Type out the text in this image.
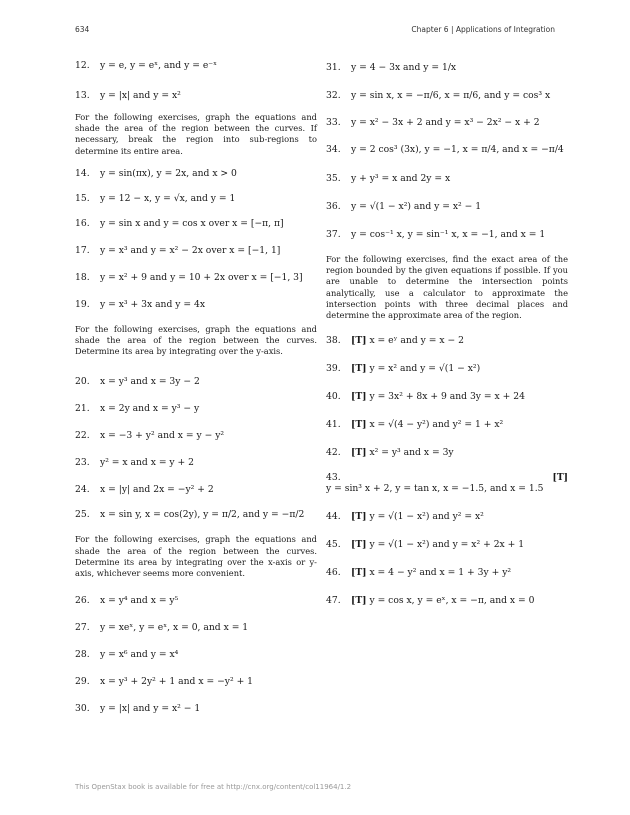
634	Chapter 6 | Applications of Integration
12. y = e, y = eˣ, and y = e⁻ˣ
13. y = |x| and y = x²
For the following exercises, graph the equations and shade the area of the region between the curves. If necessary, break the region into sub-regions to determine its entire area.
14. y = sin(πx), y = 2x, and x > 0
15. y = 12 − x, y = √x, and y = 1
16. y = sin x and y = cos x over x = [−π, π]
17. y = x³ and y = x² − 2x over x = [−1, 1]
18. y = x² + 9 and y = 10 + 2x over x = [−1, 3]
19. y = x³ + 3x and y = 4x
For the following exercises, graph the equations and shade the area of the region between the curves. Determine its area by integrating over the y-axis.
20. x = y³ and x = 3y − 2
21. x = 2y and x = y³ − y
22. x = −3 + y² and x = y − y²
23. y² = x and x = y + 2
24. x = |y| and 2x = −y² + 2
25. x = sin y, x = cos(2y), y = π/2, and y = −π/2
For the following exercises, graph the equations and shade the area of the region between the curves. Determine its area by integrating over the x-axis or y-axis, whichever seems more convenient.
26. x = y⁴ and x = y⁵
27. y = xeˣ, y = eˣ, x = 0, and x = 1
28. y = x⁶ and y = x⁴
29. x = y³ + 2y² + 1 and x = −y² + 1
30. y = |x| and y = x² − 1
31. y = 4 − 3x and y = 1/x
32. y = sin x, x = −π/6, x = π/6, and y = cos³ x
33. y = x² − 3x + 2 and y = x³ − 2x² − x + 2
34. y = 2 cos³ (3x), y = −1, x = π/4, and x = −π/4
35. y + y³ = x and 2y = x
36. y = √(1 − x²) and y = x² − 1
37. y = cos⁻¹ x, y = sin⁻¹ x, x = −1, and x = 1
For the following exercises, find the exact area of the region bounded by the given equations if possible. If you are unable to determine the intersection points analytically, use a calculator to approximate the intersection points with three decimal places and determine the approximate area of the region.
38. [T] x = eʸ and y = x − 2
39. [T] y = x² and y = √(1 − x²)
40. [T] y = 3x² + 8x + 9 and 3y = x + 24
41. [T] x = √(4 − y²) and y² = 1 + x²
42. [T] x² = y³ and x = 3y
43.	[T]
y = sin³ x + 2, y = tan x, x = −1.5, and x = 1.5
44. [T] y = √(1 − x²) and y² = x²
45. [T] y = √(1 − x²) and y = x² + 2x + 1
46. [T] x = 4 − y² and x = 1 + 3y + y²
47. [T] y = cos x, y = eˣ, x = −π, and x = 0
This OpenStax book is available for free at http://cnx.org/content/col11964/1.2
